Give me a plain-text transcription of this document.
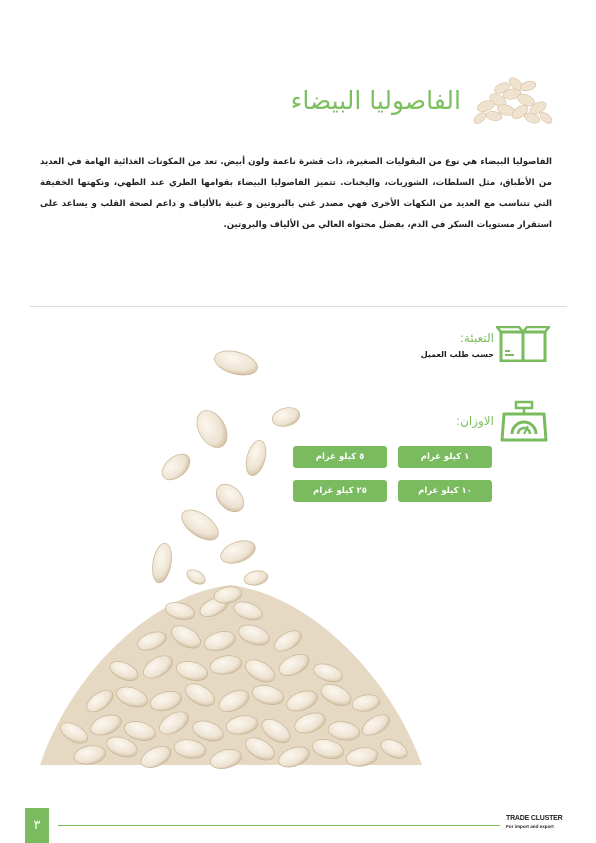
الفاصوليا البيضاء
الفاصوليا البيضاء هي نوع من البقوليات الصغيرة، ذات قشرة ناعمة ولون أبيض. تعد من المكونات الغذائية الهامة في العديد من الأطباق، مثل السلطات، الشوربات، واليخنات. تتميز الفاصوليا البيضاء بقوامها الطري عند الطهي، ونكهتها الخفيفة التي تتناسب مع العديد من النكهات الأخرى فهي مصدر غني بالبروتين و غنية بالألياف و داعم لصحة القلب و يساعد على استقرار مستويات السكر في الدم، بفضل محتواه العالي من الألياف والبروتين.
التعبئة:
حسب طلب العميل
الاوزان:
١ كيلو غرام
٥ كيلو غرام
١٠ كيلو غرام
٢٥ كيلو غرام
٣	TRADE CLUSTER
For import and export
